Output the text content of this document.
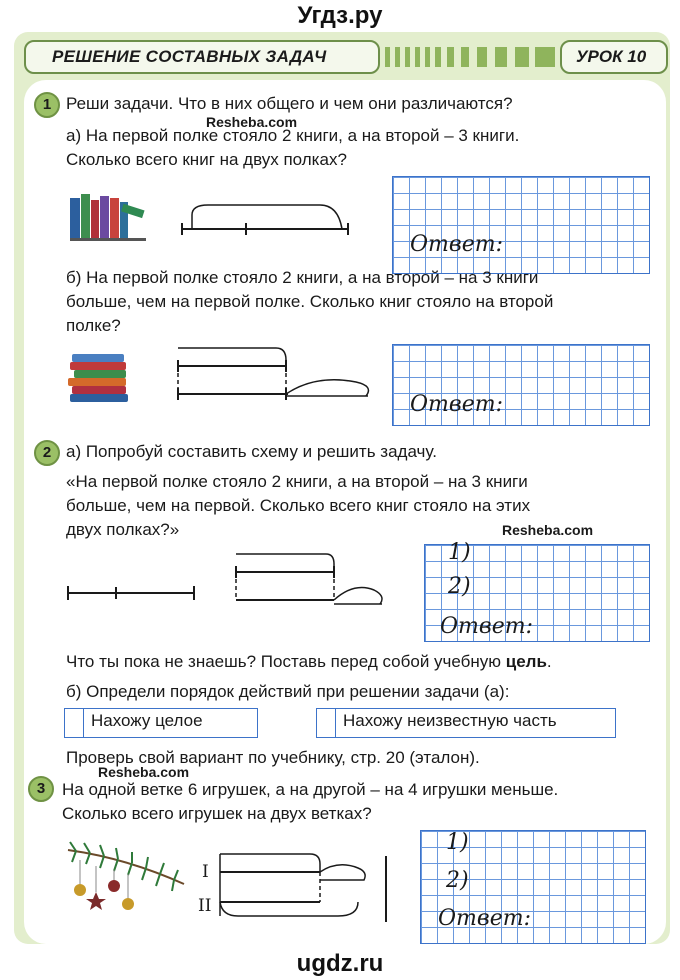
Угдз.ру
РЕШЕНИЕ СОСТАВНЫХ ЗАДАЧ	УРОК 10
1 Реши задачи. Что в них общего и чем они различаются?
Resheba.com
а) На первой полке стояло 2 книги, а на второй – 3 книги.
Сколько всего книг на двух полках?
Ответ:
б) На первой полке стояло 2 книги, а на второй – на 3 книги
больше, чем на первой полке. Сколько книг стояло на второй
полке?
Ответ:
2 а) Попробуй составить схему и решить задачу.
«На первой полке стояло 2 книги, а на второй – на 3 книги
больше, чем на первой. Сколько всего книг стояло на этих
двух полках?»	Resheba.com
1)
2)
Ответ:
Что ты пока не знаешь? Поставь перед собой учебную цель.
б) Определи порядок действий при решении задачи (а):
Нахожу целое	Нахожу неизвестную часть
Проверь свой вариант по учебнику, стр. 20 (эталон).
Resheba.com
3 На одной ветке 6 игрушек, а на другой – на 4 игрушки меньше.
Сколько всего игрушек на двух ветках?
I
II
1)
2)
Ответ:
ugdz.ru
